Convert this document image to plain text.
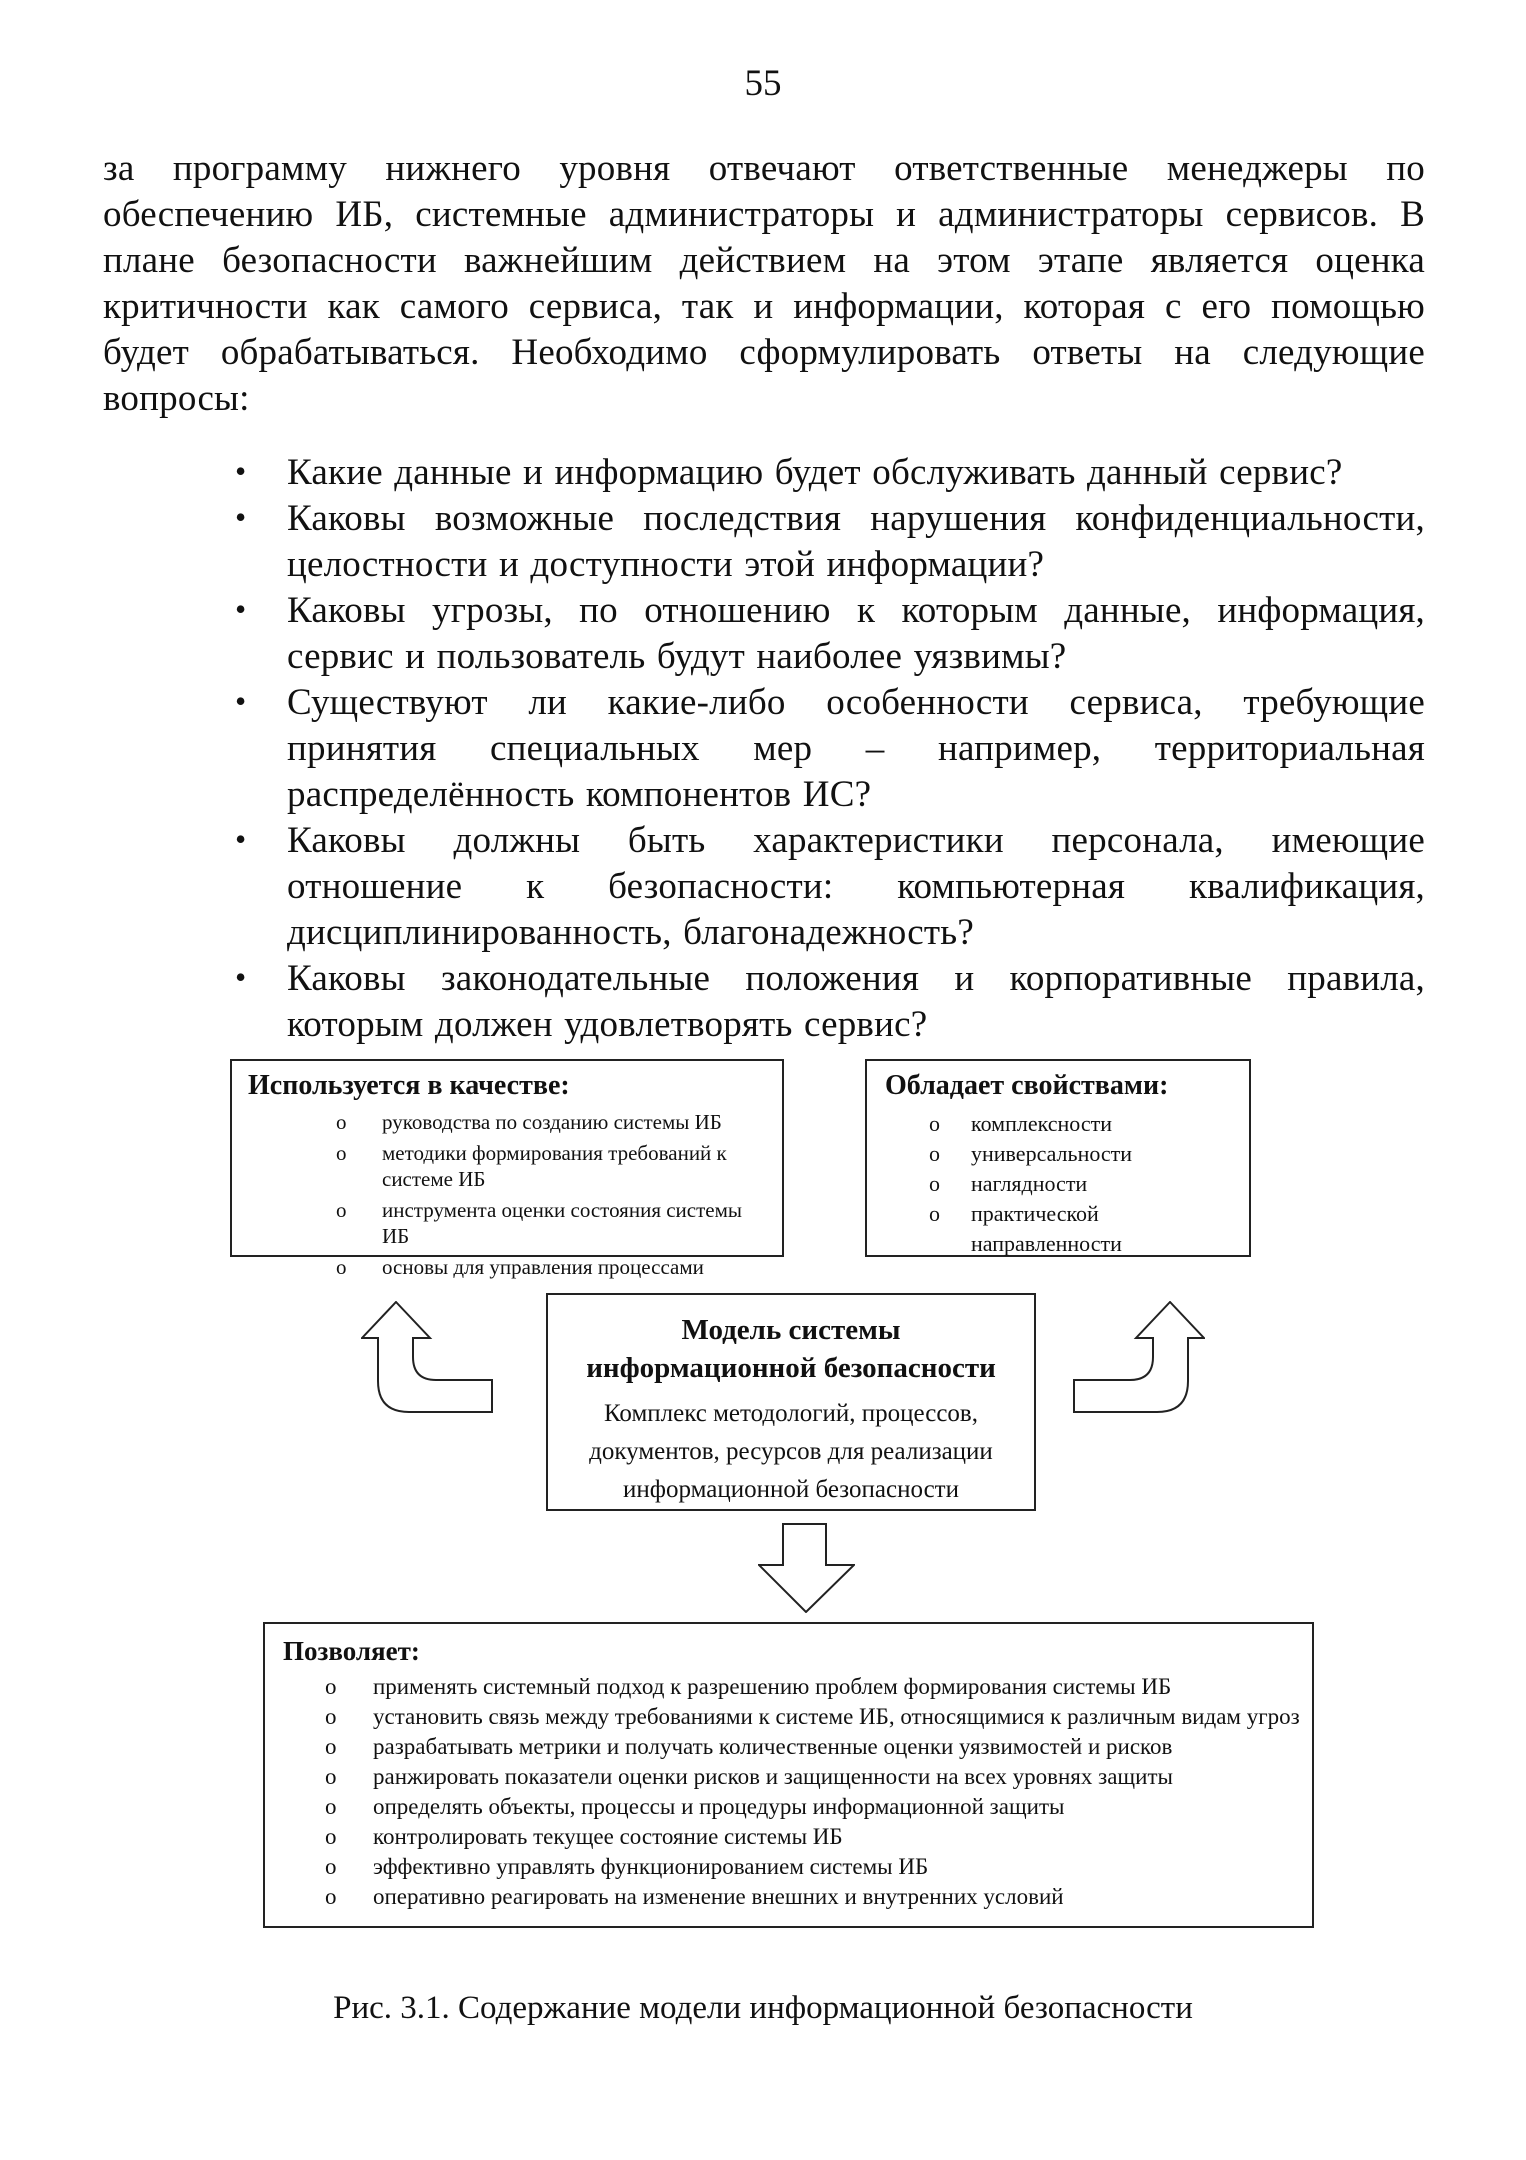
55

за программу нижнего уровня отвечают ответственные менеджеры по обеспечению ИБ, системные администраторы и администраторы сервисов. В плане безопасности важнейшим действием на этом этапе является оценка критичности как самого сервиса, так и информации, которая с его помощью будет обрабатываться. Необходимо сформулировать ответы на следующие вопросы:

• Какие данные и информацию будет обслуживать данный сервис?
• Каковы возможные последствия нарушения конфиденциальности, целостности и доступности этой информации?
• Каковы угрозы, по отношению к которым данные, информация, сервис и пользователь будут наиболее уязвимы?
• Существуют ли какие-либо особенности сервиса, требующие принятия специальных мер – например, территориальная распределённость компонентов ИС?
• Каковы должны быть характеристики персонала, имеющие отношение к безопасности: компьютерная квалификация, дисциплинированность, благонадежность?
• Каковы законодательные положения и корпоративные правила, которым должен удовлетворять сервис?
Используется в качестве:
o руководства по созданию системы ИБ
o методики формирования требований к системе ИБ
o инструмента оценки состояния системы ИБ
o основы для управления процессами
Обладает свойствами:
o комплексности
o универсальности
o наглядности
o практической направленности
Модель системы информационной безопасности
Комплекс методологий, процессов, документов, ресурсов для реализации информационной безопасности
Позволяет:
o применять системный подход к разрешению проблем формирования системы ИБ
o установить связь между требованиями к системе ИБ, относящимися к различным видам угроз
o разрабатывать метрики и получать количественные оценки уязвимостей и рисков
o ранжировать показатели оценки рисков и защищенности на всех уровнях защиты
o определять объекты, процессы и процедуры информационной защиты
o контролировать текущее состояние системы ИБ
o эффективно управлять функционированием системы ИБ
o оперативно реагировать на изменение внешних и внутренних условий
Рис. 3.1. Содержание модели информационной безопасности
